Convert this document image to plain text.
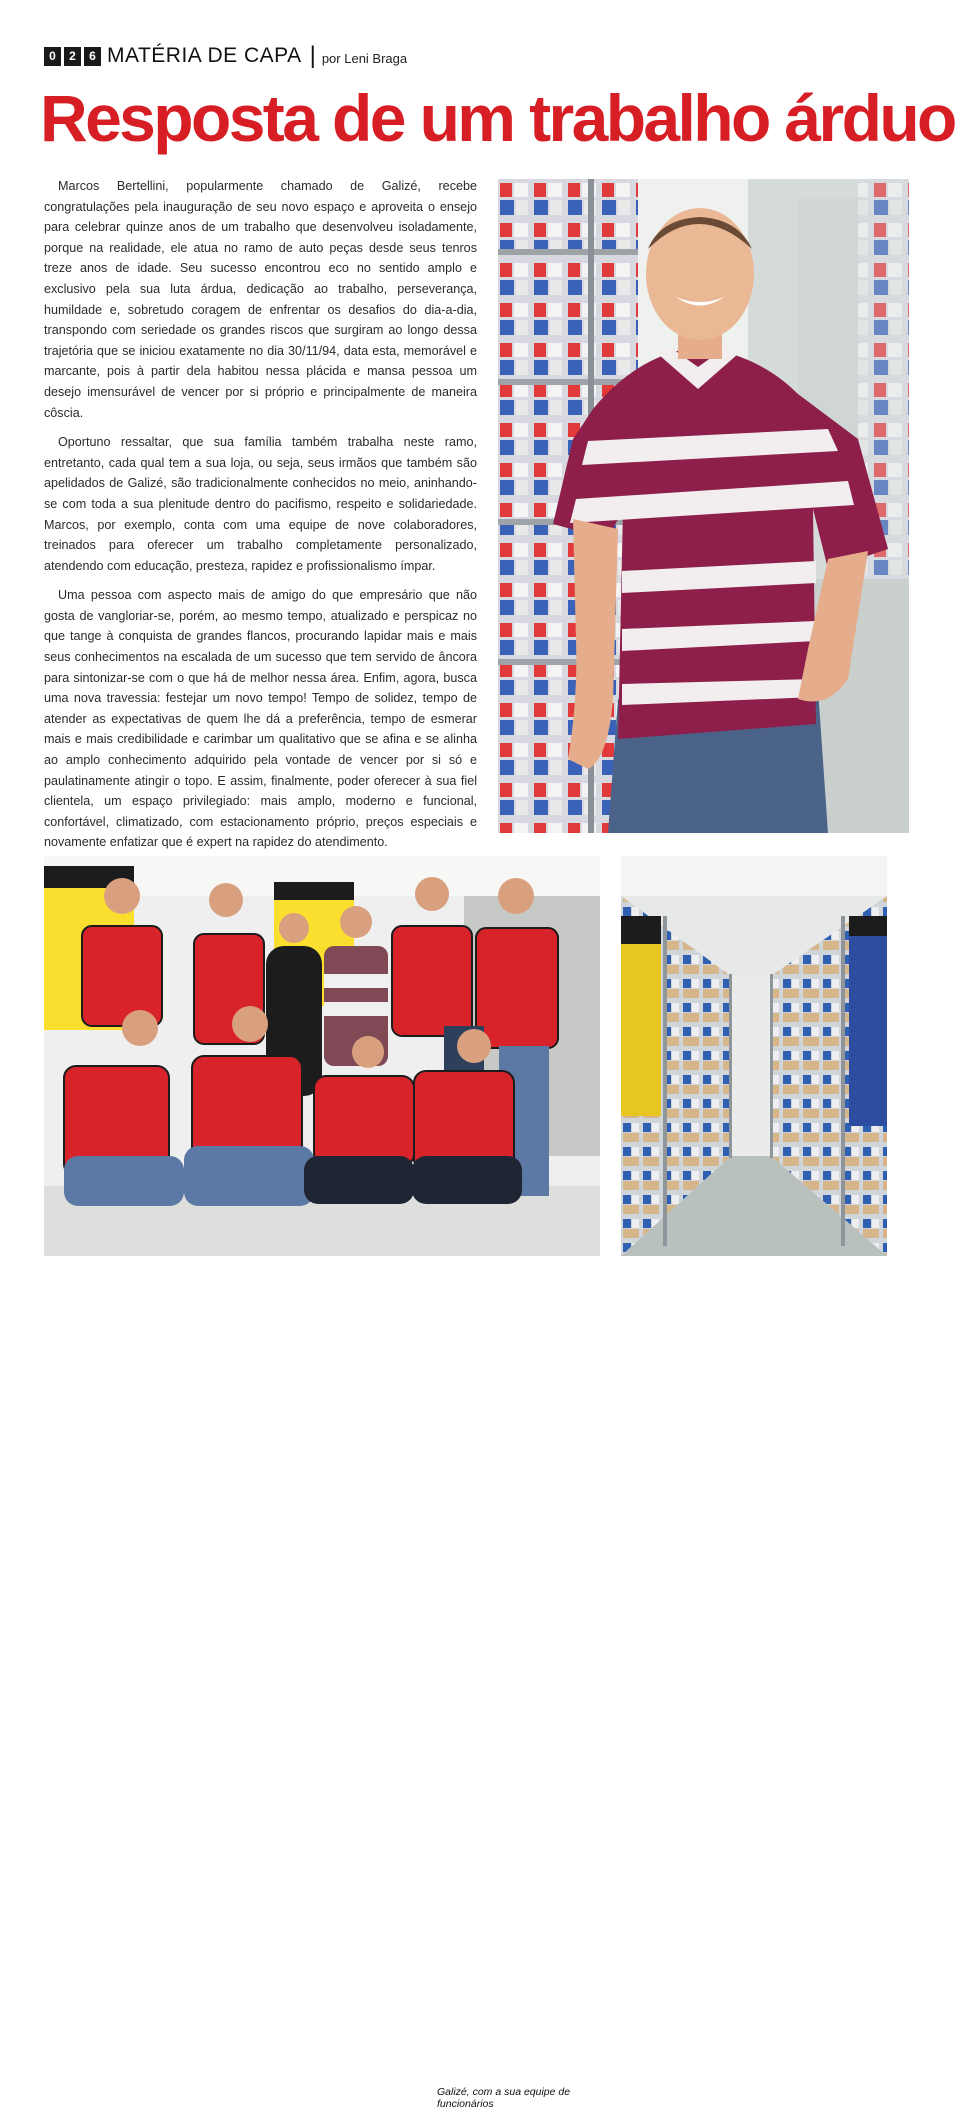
0	2	6 MATÉRIA DE CAPA | por Leni Braga
Resposta de um trabalho árduo

Marcos Bertellini, popularmente chamado de Galizé, recebe congratulações pela inauguração de seu novo espaço e aproveita o ensejo para celebrar quinze anos de um trabalho que desenvolveu isoladamente, porque na realidade, ele atua no ramo de auto peças desde seus tenros treze anos de idade. Seu sucesso encontrou eco no sentido amplo e exclusivo pela sua luta árdua, dedicação ao trabalho, perseverança, humildade e, sobretudo coragem de enfrentar os desafios do dia-a-dia, transpondo com seriedade os grandes riscos que surgiram ao longo dessa trajetória que se iniciou exatamente no dia 30/11/94, data esta, memorável e marcante, pois à partir dela habitou nessa plácida e mansa pessoa um desejo imensurável de vencer por si próprio e principalmente de maneira côscia.

Oportuno ressaltar, que sua família também trabalha neste ramo, entretanto, cada qual tem a sua loja, ou seja, seus irmãos que também são apelidados de Galizé, são tradicionalmente conhecidos no meio, aninhando-se com toda a sua plenitude dentro do pacifismo, respeito e solidariedade. Marcos, por exemplo, conta com uma equipe de nove colaboradores, treinados para oferecer um trabalho completamente personalizado, atendendo com educação, presteza, rapidez e profissionalismo ímpar.

Uma pessoa com aspecto mais de amigo do que empresário que não gosta de vangloriar-se, porém, ao mesmo tempo, atualizado e perspicaz no que tange à conquista de grandes flancos, procurando lapidar mais e mais seus conhecimentos na escalada de um sucesso que tem servido de âncora para sintonizar-se com o que há de melhor nessa área. Enfim, agora, busca uma nova travessia: festejar um novo tempo! Tempo de solidez, tempo de atender as expectativas de quem lhe dá a preferência, tempo de esmerar mais e mais credibilidade e carimbar um qualitativo que se afina e se alinha ao amplo conhecimento adquirido pela vontade de vencer por si só e paulatinamente atingir o topo. E assim, finalmente, poder oferecer à sua fiel clientela, um espaço privilegiado: mais amplo, moderno e funcional, confortável, climatizado, com estacionamento próprio, preços especiais e novamente enfatizar que é expert na rapidez do atendimento.

Galizé, com a sua equipe de funcionários
